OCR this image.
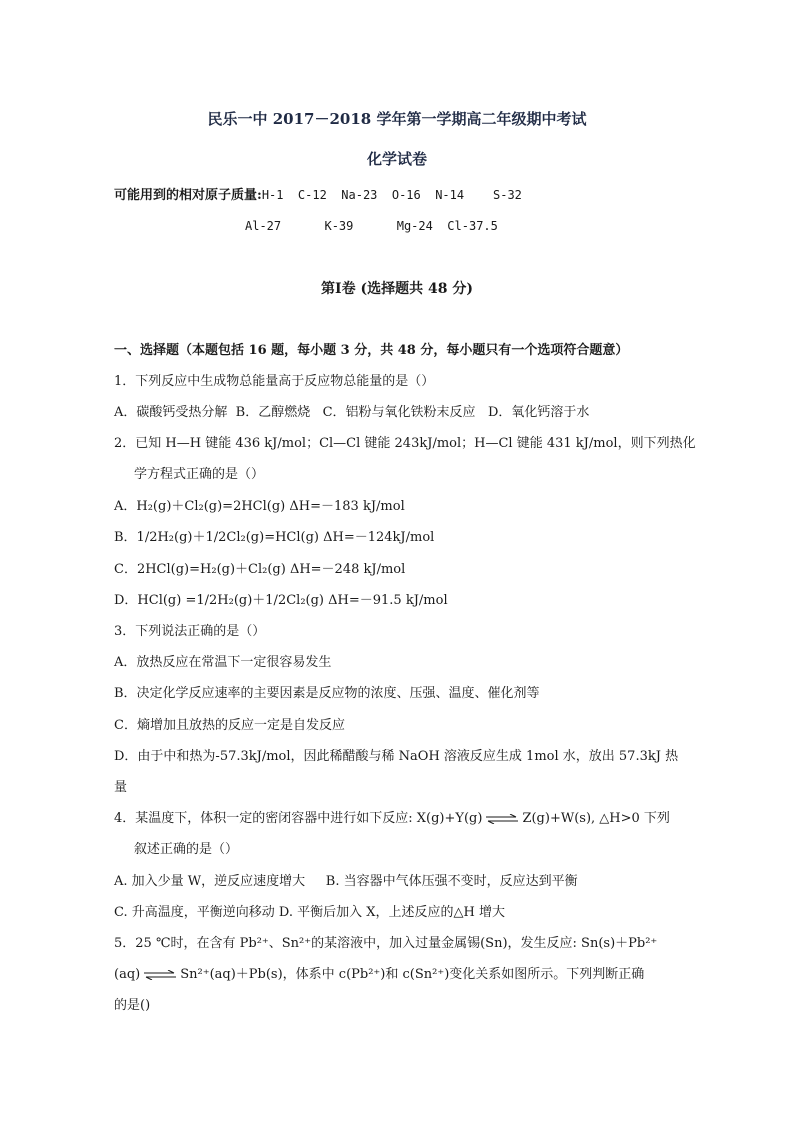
民乐一中 2017－2018 学年第一学期高二年级期中考试
化学试卷
可能用到的相对原子质量:H-1  C-12  Na-23  O-16  N-14    S-32
Al-27      K-39      Mg-24  Cl-37.5
第Ⅰ卷 (选择题共 48 分)
一、选择题（本题包括 16 题，每小题 3 分，共 48 分，每小题只有一个选项符合题意）
1．下列反应中生成物总能量高于反应物总能量的是（）
A．碳酸钙受热分解  B．乙醇燃烧   C．铝粉与氧化铁粉末反应   D．氧化钙溶于水
2．已知 H—H 键能 436 kJ/mol；Cl—Cl 键能 243kJ/mol；H—Cl 键能 431 kJ/mol，则下列热化
学方程式正确的是（）
A．H₂(g)＋Cl₂(g)=2HCl(g) ΔH=－183 kJ/mol
B．1/2H₂(g)＋1/2Cl₂(g)=HCl(g) ΔH=－124kJ/mol
C．2HCl(g)=H₂(g)＋Cl₂(g) ΔH=－248 kJ/mol
D．HCl(g) =1/2H₂(g)＋1/2Cl₂(g) ΔH=－91.5 kJ/mol
3．下列说法正确的是（）
A．放热反应在常温下一定很容易发生
B．决定化学反应速率的主要因素是反应物的浓度、压强、温度、催化剂等
C．熵增加且放热的反应一定是自发反应
D．由于中和热为-57.3kJ/mol，因此稀醋酸与稀 NaOH 溶液反应生成 1mol 水，放出 57.3kJ 热
量
4．某温度下，体积一定的密闭容器中进行如下反应: X(g)+Y(g) ⇌ Z(g)+W(s), △H>0 下列
叙述正确的是（）
A. 加入少量 W，逆反应速度增大     B. 当容器中气体压强不变时，反应达到平衡
C. 升高温度，平衡逆向移动 D. 平衡后加入 X，上述反应的△H 增大
5．25 ℃时，在含有 Pb²⁺、Sn²⁺的某溶液中，加入过量金属锡(Sn)，发生反应: Sn(s)＋Pb²⁺
(aq) ⇌ Sn²⁺(aq)＋Pb(s)，体系中 c(Pb²⁺)和 c(Sn²⁺)变化关系如图所示。下列判断正确
的是()
